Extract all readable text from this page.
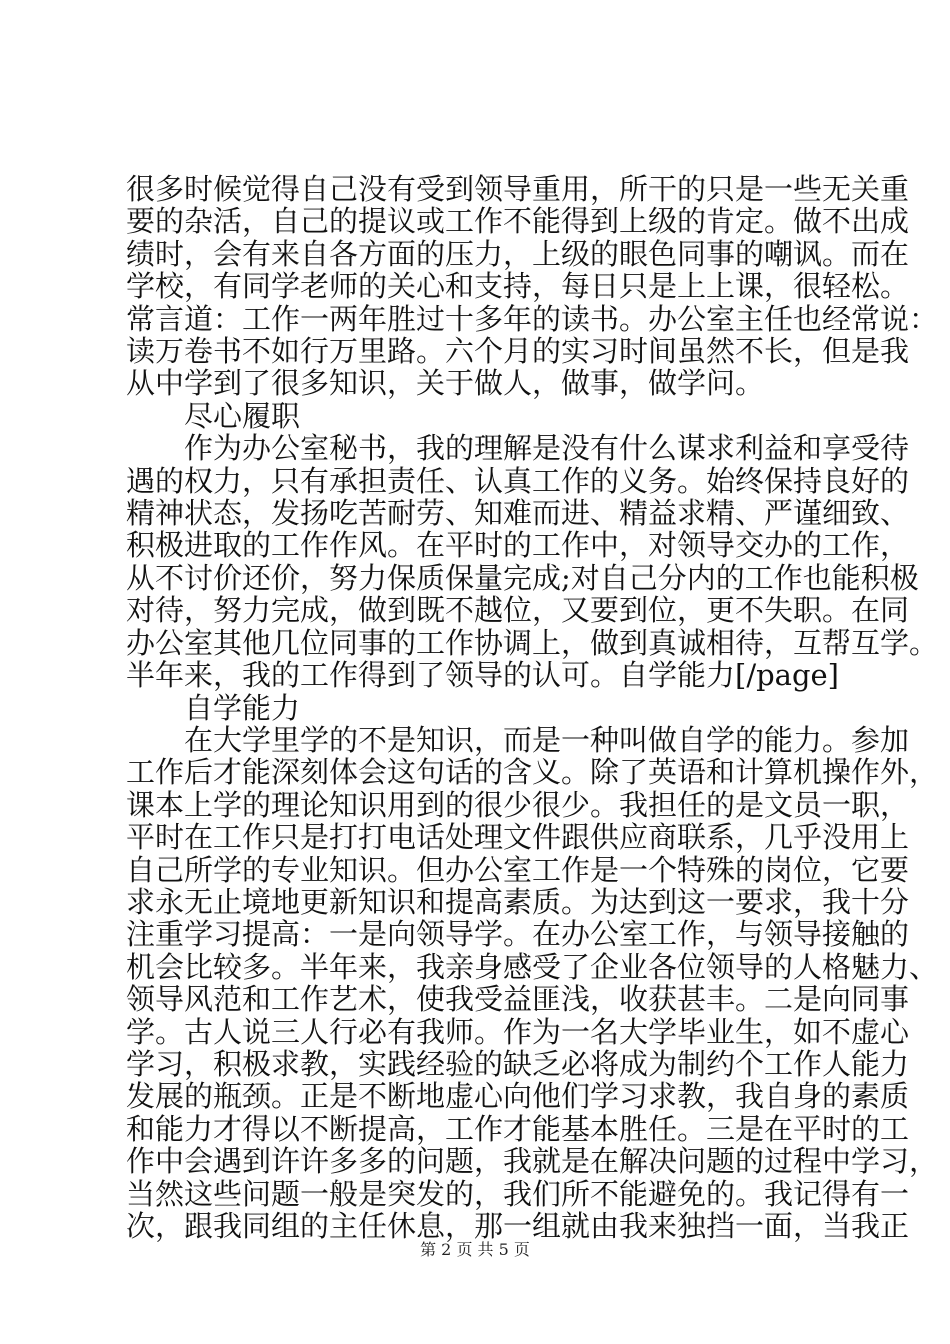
很多时候觉得自己没有受到领导重用，所干的只是一些无关重
要的杂活，自己的提议或工作不能得到上级的肯定。做不出成
绩时，会有来自各方面的压力，上级的眼色同事的嘲讽。而在
学校，有同学老师的关心和支持，每日只是上上课，很轻松。
常言道：工作一两年胜过十多年的读书。办公室主任也经常说：
读万卷书不如行万里路。六个月的实习时间虽然不长，但是我
从中学到了很多知识，关于做人，做事，做学问。
尽心履职
作为办公室秘书，我的理解是没有什么谋求利益和享受待
遇的权力，只有承担责任、认真工作的义务。始终保持良好的
精神状态，发扬吃苦耐劳、知难而进、精益求精、严谨细致、
积极进取的工作作风。在平时的工作中，对领导交办的工作，
从不讨价还价，努力保质保量完成;对自己分内的工作也能积极
对待，努力完成，做到既不越位，又要到位，更不失职。在同
办公室其他几位同事的工作协调上，做到真诚相待，互帮互学。
半年来，我的工作得到了领导的认可。自学能力[/page]
自学能力
在大学里学的不是知识，而是一种叫做自学的能力。参加
工作后才能深刻体会这句话的含义。除了英语和计算机操作外，
课本上学的理论知识用到的很少很少。我担任的是文员一职，
平时在工作只是打打电话处理文件跟供应商联系，几乎没用上
自己所学的专业知识。但办公室工作是一个特殊的岗位，它要
求永无止境地更新知识和提高素质。为达到这一要求，我十分
注重学习提高：一是向领导学。在办公室工作，与领导接触的
机会比较多。半年来，我亲身感受了企业各位领导的人格魅力、
领导风范和工作艺术，使我受益匪浅，收获甚丰。二是向同事
学。古人说三人行必有我师。作为一名大学毕业生，如不虚心
学习，积极求教，实践经验的缺乏必将成为制约个工作人能力
发展的瓶颈。正是不断地虚心向他们学习求教，我自身的素质
和能力才得以不断提高，工作才能基本胜任。三是在平时的工
作中会遇到许许多多的问题，我就是在解决问题的过程中学习，
当然这些问题一般是突发的，我们所不能避免的。我记得有一
次，跟我同组的主任休息，那一组就由我来独挡一面，当我正
第 2 页 共 5 页
